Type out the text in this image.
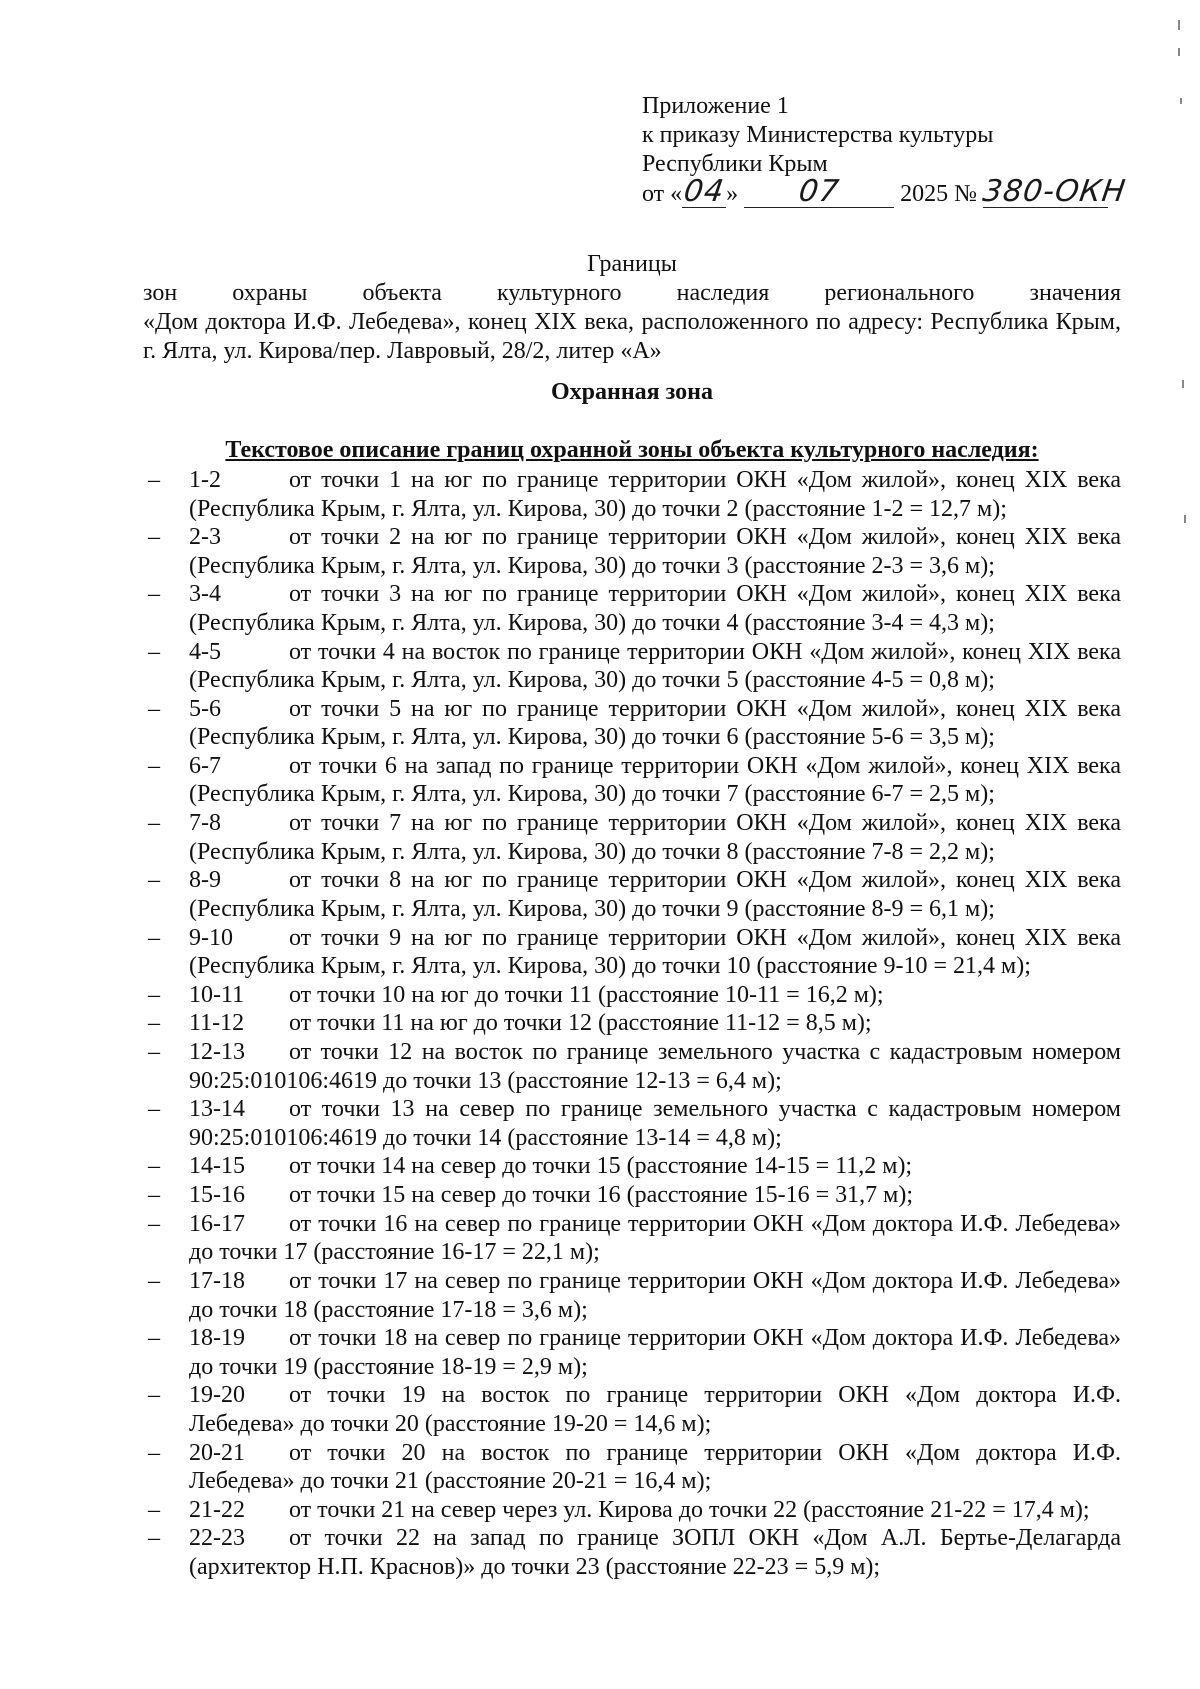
Приложение 1
к приказу Министерства культуры
Республики Крым
от «04» 07 2025 № 380-ОКН
Границы
зон охраны объекта культурного наследия регионального значения
«Дом доктора И.Ф. Лебедева», конец XIX века, расположенного по адресу: Республика Крым, г. Ялта, ул. Кирова/пер. Лавровый, 28/2, литер «А»
Охранная зона
Текстовое описание границ охранной зоны объекта культурного наследия:
– 1-2	от точки 1 на юг по границе территории ОКН «Дом жилой», конец XIX века (Республика Крым, г. Ялта, ул. Кирова, 30) до точки 2 (расстояние 1-2 = 12,7 м);
– 2-3	от точки 2 на юг по границе территории ОКН «Дом жилой», конец XIX века (Республика Крым, г. Ялта, ул. Кирова, 30) до точки 3 (расстояние 2-3 = 3,6 м);
– 3-4	от точки 3 на юг по границе территории ОКН «Дом жилой», конец XIX века (Республика Крым, г. Ялта, ул. Кирова, 30) до точки 4 (расстояние 3-4 = 4,3 м);
– 4-5	от точки 4 на восток по границе территории ОКН «Дом жилой», конец XIX века (Республика Крым, г. Ялта, ул. Кирова, 30) до точки 5 (расстояние 4-5 = 0,8 м);
– 5-6	от точки 5 на юг по границе территории ОКН «Дом жилой», конец XIX века (Республика Крым, г. Ялта, ул. Кирова, 30) до точки 6 (расстояние 5-6 = 3,5 м);
– 6-7	от точки 6 на запад по границе территории ОКН «Дом жилой», конец XIX века (Республика Крым, г. Ялта, ул. Кирова, 30) до точки 7 (расстояние 6-7 = 2,5 м);
– 7-8	от точки 7 на юг по границе территории ОКН «Дом жилой», конец XIX века (Республика Крым, г. Ялта, ул. Кирова, 30) до точки 8 (расстояние 7-8 = 2,2 м);
– 8-9	от точки 8 на юг по границе территории ОКН «Дом жилой», конец XIX века (Республика Крым, г. Ялта, ул. Кирова, 30) до точки 9 (расстояние 8-9 = 6,1 м);
– 9-10	от точки 9 на юг по границе территории ОКН «Дом жилой», конец XIX века (Республика Крым, г. Ялта, ул. Кирова, 30) до точки 10 (расстояние 9-10 = 21,4 м);
– 10-11	от точки 10 на юг до точки 11 (расстояние 10-11 = 16,2 м);
– 11-12	от точки 11 на юг до точки 12 (расстояние 11-12 = 8,5 м);
– 12-13	от точки 12 на восток по границе земельного участка с кадастровым номером 90:25:010106:4619 до точки 13 (расстояние 12-13 = 6,4 м);
– 13-14	от точки 13 на север по границе земельного участка с кадастровым номером 90:25:010106:4619 до точки 14 (расстояние 13-14 = 4,8 м);
– 14-15	от точки 14 на север до точки 15 (расстояние 14-15 = 11,2 м);
– 15-16	от точки 15 на север до точки 16 (расстояние 15-16 = 31,7 м);
– 16-17	от точки 16 на север по границе территории ОКН «Дом доктора И.Ф. Лебедева» до точки 17 (расстояние 16-17 = 22,1 м);
– 17-18	от точки 17 на север по границе территории ОКН «Дом доктора И.Ф. Лебедева» до точки 18 (расстояние 17-18 = 3,6 м);
– 18-19	от точки 18 на север по границе территории ОКН «Дом доктора И.Ф. Лебедева» до точки 19 (расстояние 18-19 = 2,9 м);
– 19-20	от точки 19 на восток по границе территории ОКН «Дом доктора И.Ф. Лебедева» до точки 20 (расстояние 19-20 = 14,6 м);
– 20-21	от точки 20 на восток по границе территории ОКН «Дом доктора И.Ф. Лебедева» до точки 21 (расстояние 20-21 = 16,4 м);
– 21-22	от точки 21 на север через ул. Кирова до точки 22 (расстояние 21-22 = 17,4 м);
– 22-23	от точки 22 на запад по границе ЗОПЛ ОКН «Дом А.Л. Бертье-Делагарда (архитектор Н.П. Краснов)» до точки 23 (расстояние 22-23 = 5,9 м);
